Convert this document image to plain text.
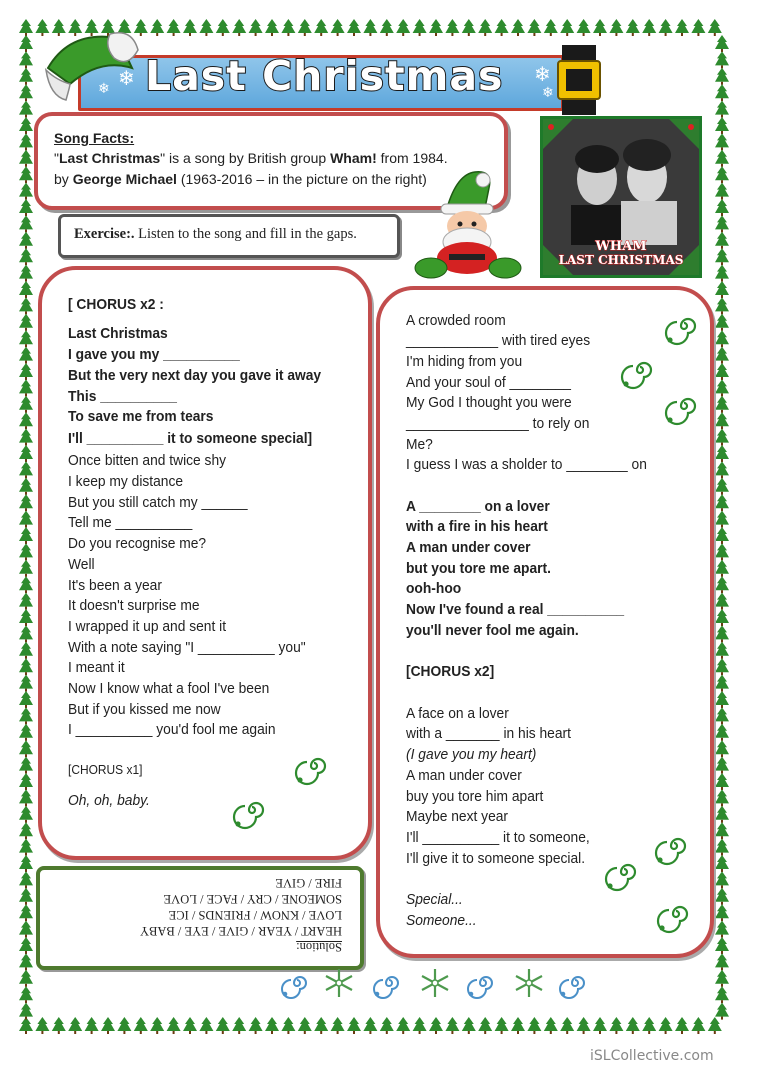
❄
❄
❄
❄
Last Christmas
Song Facts:
"Last Christmas" is a song by British group Wham! from 1984.
by George Michael (1963-2016 – in the picture on the right)
WHAM
LAST CHRISTMAS
Exercise:. Listen to the song and fill in the gaps.
[ CHORUS x2 :
Last Christmas
I gave you my __________
But the very next day you gave it away
This __________
To save me from tears
I'll __________ it to someone special]
Once bitten and twice shy
I keep my distance
But you still catch my ______
Tell me __________
Do you recognise me?
Well
It's been a year
It doesn't surprise me
I wrapped it up and sent it
With a note saying "I __________ you"
I meant it
Now I know what a fool I've been
But if you kissed me now
I __________ you'd fool me again
[CHORUS x1]
Oh, oh, baby.
A crowded room
____________ with tired eyes
I'm hiding from you
And your soul of ________
My God I thought you were
________________ to rely on
Me?
I guess I was a sholder to ________ on
A ________ on a lover
with a fire in his heart
A man under cover
but you tore me apart.
ooh-hoo
Now I've found a real __________
you'll never fool me again.
[CHORUS x2]
A face on a lover
with a _______ in his heart
(I gave you my heart)
A man under cover
buy you tore him apart
Maybe next year
I'll __________ it to someone,
I'll give it to someone special.
Special...
Someone...
Solution:
HEART / YEAR / GIVE / EYE / BABY
LOVE / KNOW / FRIENDS / ICE
SOMEONE / CRY / FACE / LOVE
FIRE / GIVE
iSLCollective.com
